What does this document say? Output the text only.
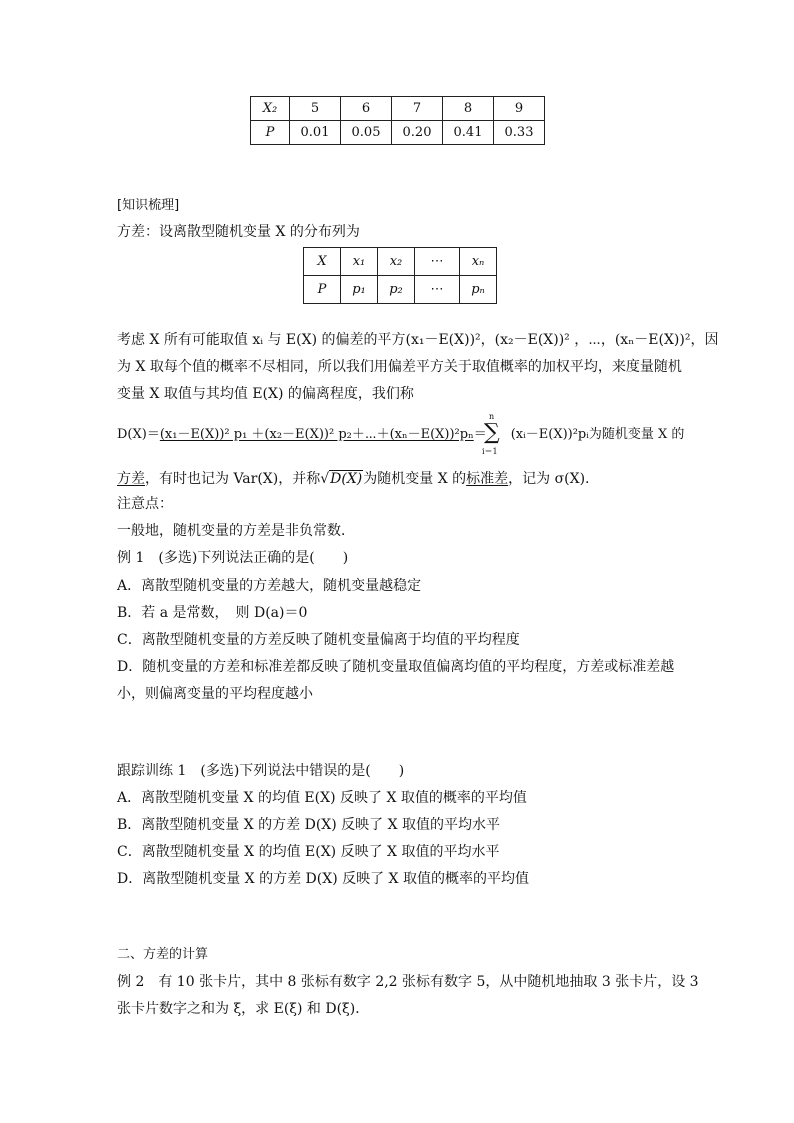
X₂	5	6	7	8	9
P	0.01	0.05	0.20	0.41	0.33
[知识梳理]
方差：设离散型随机变量 X 的分布列为
X	x₁	x₂	⋯	xₙ
P	p₁	p₂	⋯	pₙ
考虑 X 所有可能取值 xᵢ 与 E(X) 的偏差的平方(x₁－E(X))²，(x₂－E(X))² ，⋯，(xₙ－E(X))²，因
为 X 取每个值的概率不尽相同，所以我们用偏差平方关于取值概率的加权平均，来度量随机
变量 X 取值与其均值 E(X) 的偏离程度，我们称
D(X)＝(x₁－E(X))² p₁ ＋(x₂－E(X))² p₂＋⋯＋(xₙ－E(X))²pₙ＝ (xᵢ－E(X))²pᵢ为随机变量 X 的
n
∑
i＝1
方差，有时也记为 Var(X)，并称√D(X)为随机变量 X 的标准差，记为 σ(X).
注意点：
一般地，随机变量的方差是非负常数．
例 1　(多选)下列说法正确的是(　　)
A．离散型随机变量的方差越大，随机变量越稳定
B．若 a 是常数，　则 D(a)＝0
C．离散型随机变量的方差反映了随机变量偏离于均值的平均程度
D．随机变量的方差和标准差都反映了随机变量取值偏离均值的平均程度，方差或标准差越
小，则偏离变量的平均程度越小
跟踪训练 1　(多选)下列说法中错误的是(　　)
A．离散型随机变量 X 的均值 E(X) 反映了 X 取值的概率的平均值
B．离散型随机变量 X 的方差 D(X) 反映了 X 取值的平均水平
C．离散型随机变量 X 的均值 E(X) 反映了 X 取值的平均水平
D．离散型随机变量 X 的方差 D(X) 反映了 X 取值的概率的平均值
二、方差的计算
例 2　有 10 张卡片，其中 8 张标有数字 2,2 张标有数字 5，从中随机地抽取 3 张卡片，设 3
张卡片数字之和为 ξ，求 E(ξ) 和 D(ξ)．
